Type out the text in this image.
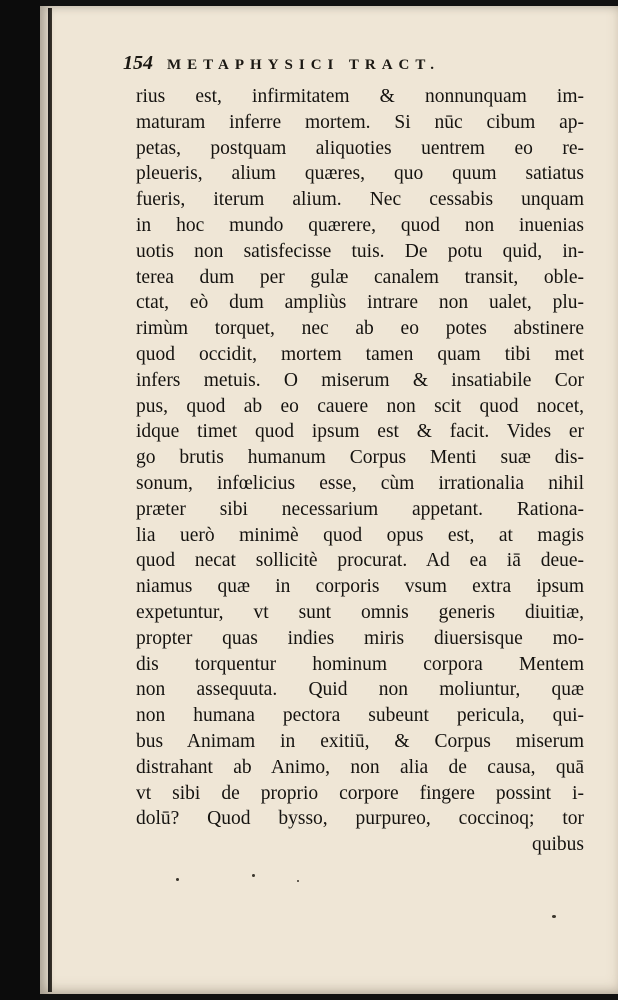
154 METAPHYSICI TRACT.
rius est, infirmitatem & nonnunquam im-
maturam inferre mortem. Si nūc cibum ap-
petas, postquam aliquoties uentrem eo re-
pleueris, alium quæres, quo quum satiatus
fueris, iterum alium. Nec cessabis unquam
in hoc mundo quærere, quod non inuenias
uotis non satisfecisse tuis. De potu quid, in-
terea dum per gulæ canalem transit, oble-
ctat, eò dum ampliùs intrare non ualet, plu-
rimùm torquet, nec ab eo potes abstinere
quod occidit, mortem tamen quam tibi met
infers metuis. O miserum & insatiabile Cor
pus, quod ab eo cauere non scit quod nocet,
idque timet quod ipsum est & facit. Vides er
go brutis humanum Corpus Menti suæ dis-
sonum, infœlicius esse, cùm irrationalia nihil
præter sibi necessarium appetant. Rationa-
lia uerò minimè quod opus est, at magis
quod necat sollicitè procurat. Ad ea iā deue-
niamus quæ in corporis vsum extra ipsum
expetuntur, vt sunt omnis generis diuitiæ,
propter quas indies miris diuersisque mo-
dis torquentur hominum corpora Mentem
non assequuta. Quid non moliuntur, quæ
non humana pectora subeunt pericula, qui-
bus Animam in exitiū, & Corpus miserum
distrahant ab Animo, non alia de causa, quā
vt sibi de proprio corpore fingere possint i-
dolū? Quod bysso, purpureo, coccinoq; tor
quibus
